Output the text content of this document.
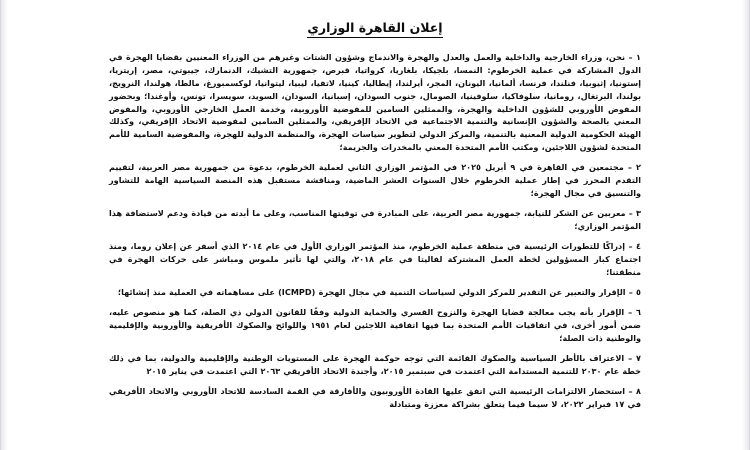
إعلان القاهرة الوزاري

١ – نحن، وزراء الخارجية والداخلية والعمل والعدل والهجرة والاندماج وشؤون الشتات وغيرهم من الوزراء المعنيين بقضايا الهجرة في الدول المشاركة في عملية الخرطوم: النمسا، بلجيكا، بلغاريا، كرواتيا، قبرص، جمهورية التشيك، الدنمارك، جيبوتي، مصر، إريتريا، إستونيا، إثيوبيا، فنلندا، فرنسا، ألمانيا، اليونان، المجر، أيرلندا، إيطاليا، كينيا، لاتفيا، ليبيا، ليتوانيا، لوكسمبورغ، مالطا، هولندا، النرويج، بولندا، البرتغال، رومانيا، سلوفاكيا، سلوفينيا، الصومال، جنوب السودان، إسبانيا، السودان، السويد، سويسرا، تونس، وأوغندا؛ وبحضور المفوض الأوروبي للشؤون الداخلية والهجرة، والممثلين السامين للمفوضية الأوروبية، وخدمة العمل الخارجي الأوروبي، والمفوض المعني بالصحة والشؤون الإنسانية والتنمية الاجتماعية في الاتحاد الإفريقي، والممثلين السامين لمفوضية الاتحاد الإفريقي، وكذلك الهيئة الحكومية الدولية المعنية بالتنمية، والمركز الدولي لتطوير سياسات الهجرة، والمنظمة الدولية للهجرة، والمفوضية السامية للأمم المتحدة لشؤون اللاجئين، ومكتب الأمم المتحدة المعني بالمخدرات والجريمة؛

٢ – مجتمعين في القاهرة في ٩ أبريل ٢٠٢٥ في المؤتمر الوزاري الثاني لعملية الخرطوم، بدعوة من جمهورية مصر العربية، لتقييم التقدم المحرز في إطار عملية الخرطوم خلال السنوات العشر الماضية، ومناقشة مستقبل هذه المنصة السياسية الهامة للتشاور والتنسيق في مجال الهجرة؛

٣ – معربين عن الشكر للنيابة، جمهورية مصر العربية، على المبادرة في توقيتها المناسب، وعلى ما أبدته من قيادة ودعم لاستضافة هذا المؤتمر الوزاري؛

٤ – إدراكًا للتطورات الرئيسية في منطقة عملية الخرطوم، منذ المؤتمر الوزاري الأول في عام ٢٠١٤ الذي أسفر عن إعلان روما، ومنذ اجتماع كبار المسؤولين لخطة العمل المشتركة لفاليتا في عام ٢٠١٨، والتي لها تأثير ملموس ومباشر على حركات الهجرة في منطقتنا؛

٥ – الإقرار والتعبير عن التقدير للمركز الدولي لسياسات التنمية في مجال الهجرة (ICMPD) على مساهماته في العملية منذ إنشائها؛

٦ – الإقرار بأنه يجب معالجة قضايا الهجرة والنزوح القسري والحماية الدولية وفقًا للقانون الدولي ذي الصلة، كما هو منصوص عليه، ضمن أمور أخرى، في اتفاقيات الأمم المتحدة بما فيها اتفاقية اللاجئين لعام ١٩٥١ واللوائح والصكوك الأفريقية والأوروبية والإقليمية والوطنية ذات الصلة؛

٧ – الاعتراف بالأطر السياسية والصكوك القائمة التي توجه حوكمة الهجرة على المستويات الوطنية والإقليمية والدولية، بما في ذلك خطة عام ٢٠٣٠ للتنمية المستدامة التي اعتمدت في سبتمبر ٢٠١٥، وأجندة الاتحاد الأفريقي ٢٠٦٣ التي اعتمدت في يناير ٢٠١٥

٨ – استحضار الالتزامات الرئيسية التي اتفق عليها القادة الأوروبيون والأفارقة في القمة السادسة للاتحاد الأوروبي والاتحاد الأفريقي في ١٧ فبراير ٢٠٢٢، لا سيما فيما يتعلق بشراكة معززة ومتبادلة
